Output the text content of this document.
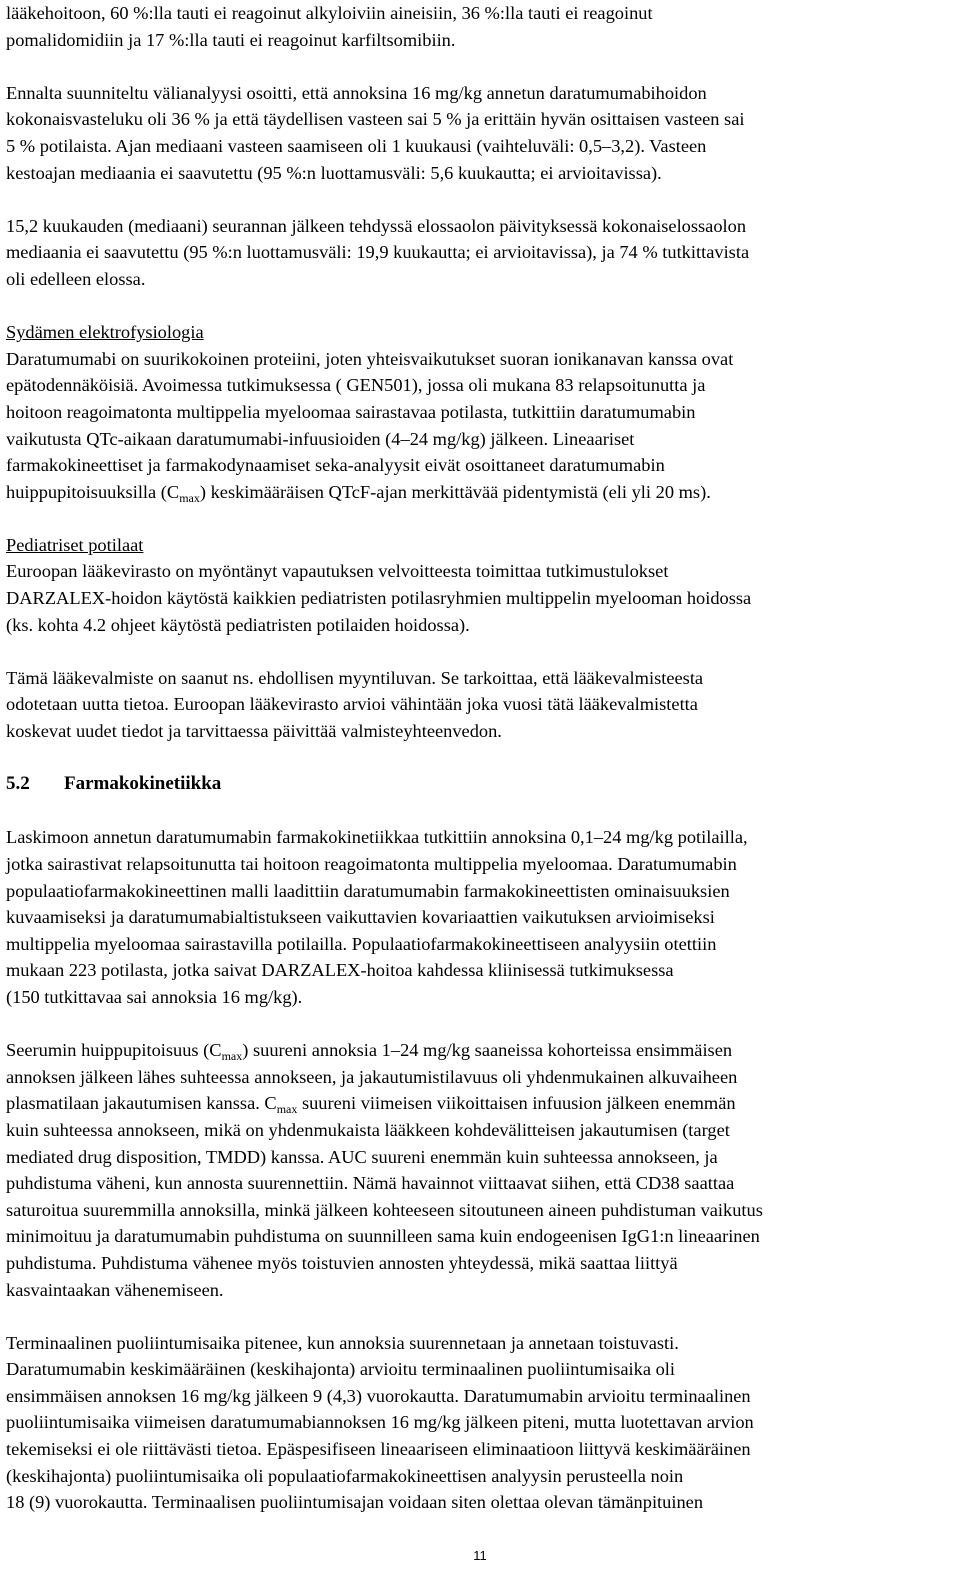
lääkehoitoon, 60 %:lla tauti ei reagoinut alkyloiviin aineisiin, 36 %:lla tauti ei reagoinut
pomalidomidiin ja 17 %:lla tauti ei reagoinut karfiltsomibiin.

Ennalta suunniteltu välianalyysi osoitti, että annoksina 16 mg/kg annetun daratumumabihoidon
kokonaisvasteluku oli 36 % ja että täydellisen vasteen sai 5 % ja erittäin hyvän osittaisen vasteen sai
5 % potilaista. Ajan mediaani vasteen saamiseen oli 1 kuukausi (vaihteluväli: 0,5–3,2). Vasteen
kestoajan mediaania ei saavutettu (95 %:n luottamusväli: 5,6 kuukautta; ei arvioitavissa).

15,2 kuukauden (mediaani) seurannan jälkeen tehdyssä elossaolon päivityksessä kokonaiselossaolon
mediaania ei saavutettu (95 %:n luottamusväli: 19,9 kuukautta; ei arvioitavissa), ja 74 % tutkittavista
oli edelleen elossa.

Sydämen elektrofysiologia
Daratumumabi on suurikokoinen proteiini, joten yhteisvaikutukset suoran ionikanavan kanssa ovat
epätodennäköisiä. Avoimessa tutkimuksessa ( GEN501), jossa oli mukana 83 relapsoitunutta ja
hoitoon reagoimatonta multippelia myeloomaa sairastavaa potilasta, tutkittiin daratumumabin
vaikutusta QTc-aikaan daratumumabi-infuusioiden (4–24 mg/kg) jälkeen. Lineaariset
farmakokineettiset ja farmakodynaamiset seka-analyysit eivät osoittaneet daratumumabin
huippupitoisuuksilla $(C_{max})$ keskimääräisen QTcF-ajan merkittävää pidentymistä (eli yli 20 ms).

Pediatriset potilaat
Euroopan lääkevirasto on myöntänyt vapautuksen velvoitteesta toimittaa tutkimustulokset
DARZALEX-hoidon käytöstä kaikkien pediatristen potilasryhmien multippelin myelooman hoidossa
(ks. kohta 4.2 ohjeet käytöstä pediatristen potilaiden hoidossa).

Tämä lääkevalmiste on saanut ns. ehdollisen myyntiluvan. Se tarkoittaa, että lääkevalmisteesta
odotetaan uutta tietoa. Euroopan lääkevirasto arvioi vähintään joka vuosi tätä lääkevalmistetta
koskevat uudet tiedot ja tarvittaessa päivittää valmisteyhteenvedon.

5.2 Farmakokinetiikka

Laskimoon annetun daratumumabin farmakokinetiikkaa tutkittiin annoksina 0,1–24 mg/kg potilailla,
jotka sairastivat relapsoitunutta tai hoitoon reagoimatonta multippelia myeloomaa. Daratumumabin
populaatiofarmakokineettinen malli laadittiin daratumumabin farmakokineettisten ominaisuuksien
kuvaamiseksi ja daratumumabialtistukseen vaikuttavien kovariaattien vaikutuksen arvioimiseksi
multippelia myeloomaa sairastavilla potilailla. Populaatiofarmakokineettiseen analyysiin otettiin
mukaan 223 potilasta, jotka saivat DARZALEX-hoitoa kahdessa kliinisessä tutkimuksessa
(150 tutkittavaa sai annoksia 16 mg/kg).

Seerumin huippupitoisuus $(C_{max})$ suureni annoksia 1–24 mg/kg saaneissa kohorteissa ensimmäisen
annoksen jälkeen lähes suhteessa annokseen, ja jakautumistilavuus oli yhdenmukainen alkuvaiheen
plasmatilaan jakautumisen kanssa. $C_{max}$ suureni viimeisen viikoittaisen infuusion jälkeen enemmän
kuin suhteessa annokseen, mikä on yhdenmukaista lääkkeen kohdevälitteisen jakautumisen (target
mediated drug disposition, TMDD) kanssa. AUC suureni enemmän kuin suhteessa annokseen, ja
puhdistuma väheni, kun annosta suurennettiin. Nämä havainnot viittaavat siihen, että CD38 saattaa
saturoitua suuremmilla annoksilla, minkä jälkeen kohteeseen sitoutuneen aineen puhdistuman vaikutus
minimoituu ja daratumumabin puhdistuma on suunnilleen sama kuin endogeenisen IgG1:n lineaarinen
puhdistuma. Puhdistuma vähenee myös toistuvien annosten yhteydessä, mikä saattaa liittyä
kasvaintaakan vähenemiseen.

Terminaalinen puoliintumisaika pitenee, kun annoksia suurennetaan ja annetaan toistuvasti.
Daratumumabin keskimääräinen (keskihajonta) arvioitu terminaalinen puoliintumisaika oli
ensimmäisen annoksen 16 mg/kg jälkeen 9 (4,3) vuorokautta. Daratumumabin arvioitu terminaalinen
puoliintumisaika viimeisen daratumumabiannoksen 16 mg/kg jälkeen piteni, mutta luotettavan arvion
tekemiseksi ei ole riittävästi tietoa. Epäspesifiseen lineaariseen eliminaatioon liittyvä keskimääräinen
(keskihajonta) puoliintumisaika oli populaatiofarmakokineettisen analyysin perusteella noin
18 (9) vuorokautta. Terminaalisen puoliintumisajan voidaan siten olettaa olevan tämänpituinen

11
